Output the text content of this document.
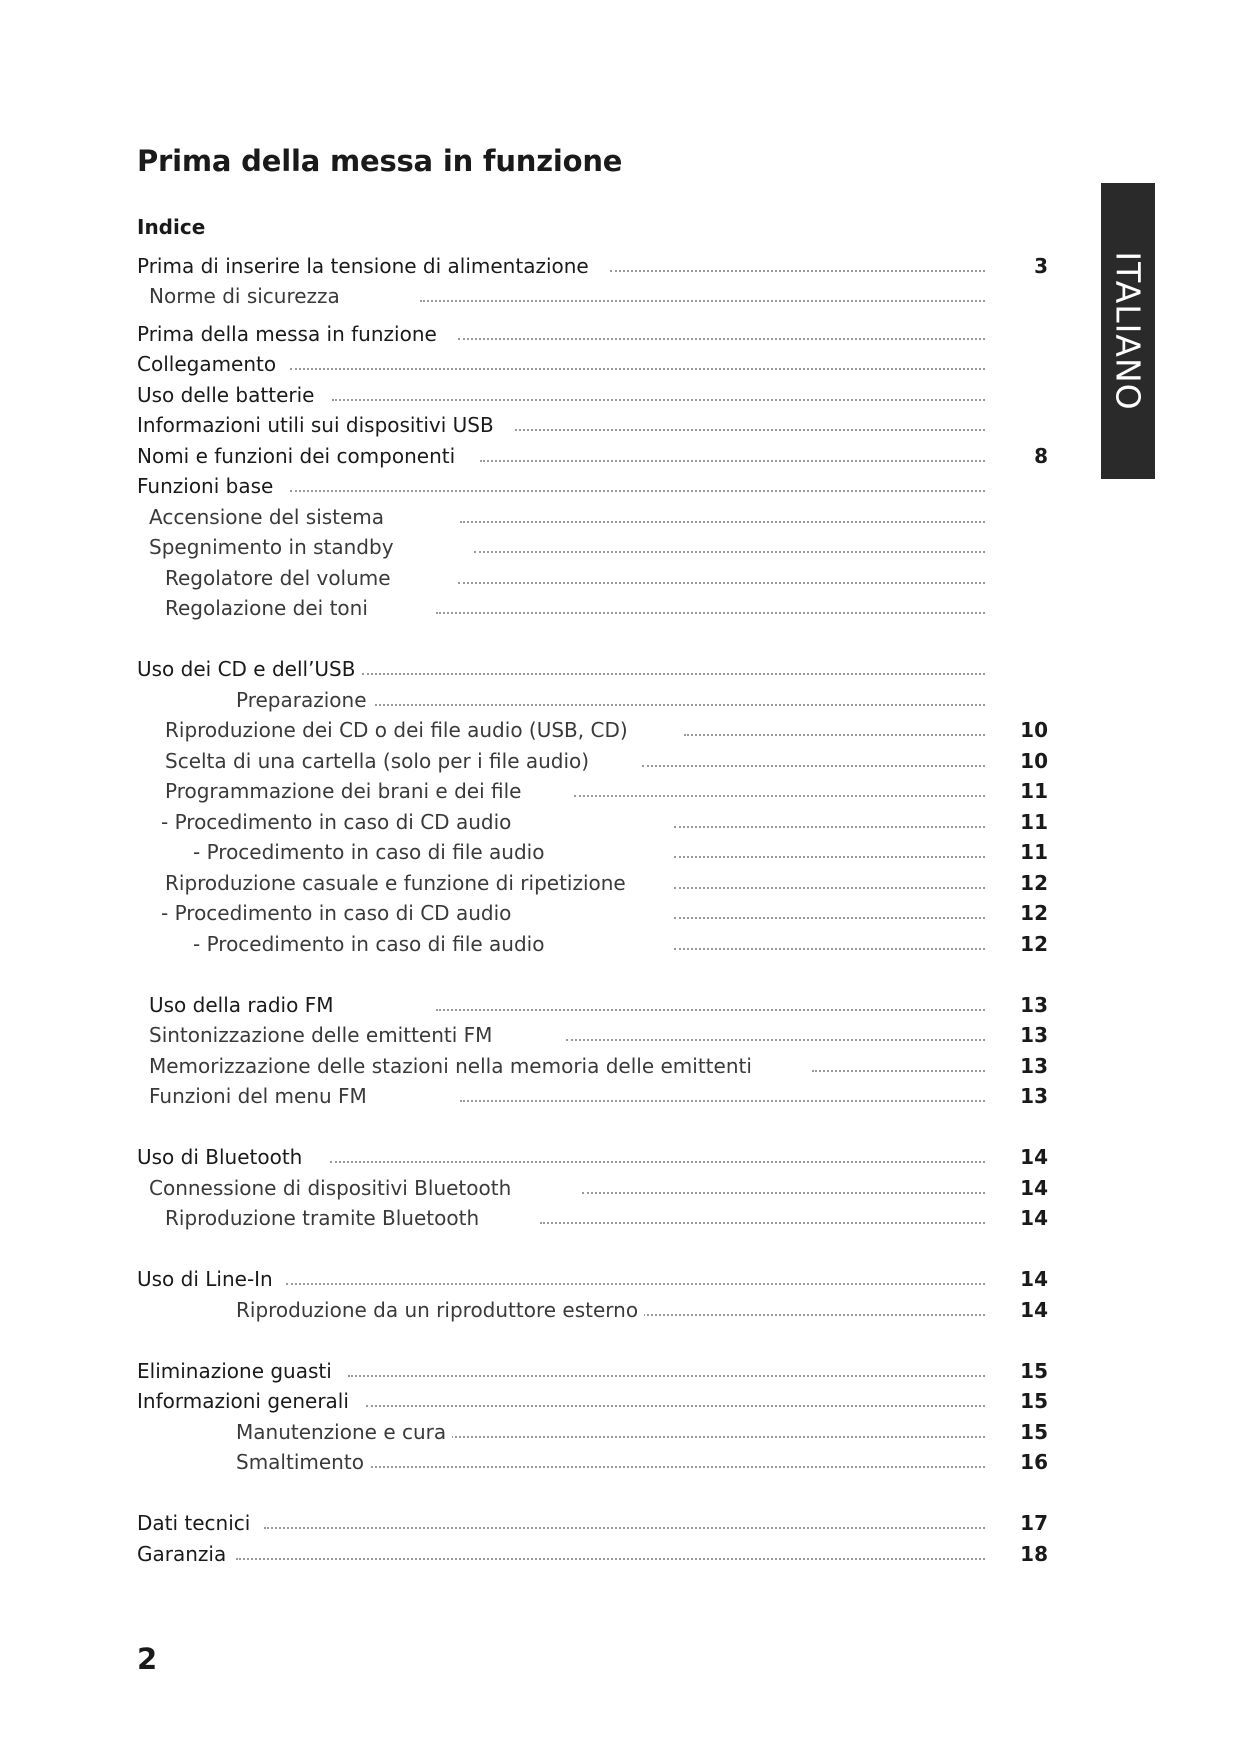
Prima della messa in funzione
Indice
Prima di inserire la tensione di alimentazione	3
Norme di sicurezza
Prima della messa in funzione
Collegamento
Uso delle batterie
Informazioni utili sui dispositivi USB
Nomi e funzioni dei componenti	8
Funzioni base
Accensione del sistema
Spegnimento in standby
Regolatore del volume
Regolazione dei toni
Uso dei CD e dell’USB
Preparazione
Riproduzione dei CD o dei file audio (USB, CD)	10
Scelta di una cartella (solo per i file audio)	10
Programmazione dei brani e dei file	11
- Procedimento in caso di CD audio	11
- Procedimento in caso di file audio	11
Riproduzione casuale e funzione di ripetizione	12
- Procedimento in caso di CD audio	12
- Procedimento in caso di file audio	12
Uso della radio FM	13
Sintonizzazione delle emittenti FM	13
Memorizzazione delle stazioni nella memoria delle emittenti	13
Funzioni del menu FM	13
Uso di Bluetooth	14
Connessione di dispositivi Bluetooth	14
Riproduzione tramite Bluetooth	14
Uso di Line-In	14
Riproduzione da un riproduttore esterno	14
Eliminazione guasti	15
Informazioni generali	15
Manutenzione e cura	15
Smaltimento	16
Dati tecnici	17
Garanzia	18
ITALIANO
2
